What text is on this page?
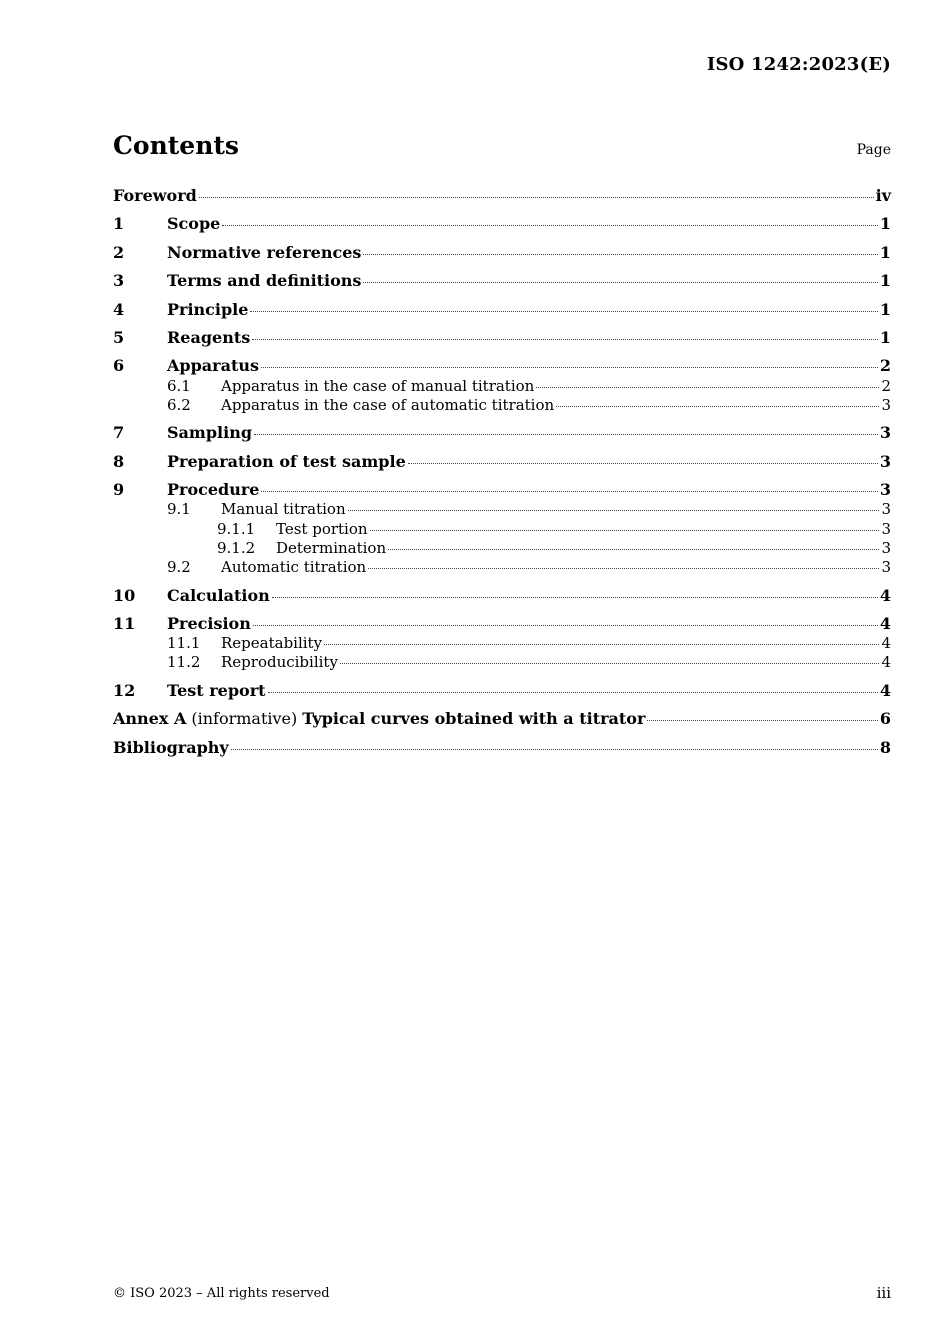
ISO 1242:2023(E)
Contents	Page
Foreword	iv
1	Scope	1
2	Normative references	1
3	Terms and definitions	1
4	Principle	1
5	Reagents	1
6	Apparatus	2
6.1	Apparatus in the case of manual titration	2
6.2	Apparatus in the case of automatic titration	3
7	Sampling	3
8	Preparation of test sample	3
9	Procedure	3
9.1	Manual titration	3
9.1.1	Test portion	3
9.1.2	Determination	3
9.2	Automatic titration	3
10	Calculation	4
11	Precision	4
11.1	Repeatability	4
11.2	Reproducibility	4
12	Test report	4
Annex A (informative) Typical curves obtained with a titrator	6
Bibliography	8
© ISO 2023 – All rights reserved	iii
